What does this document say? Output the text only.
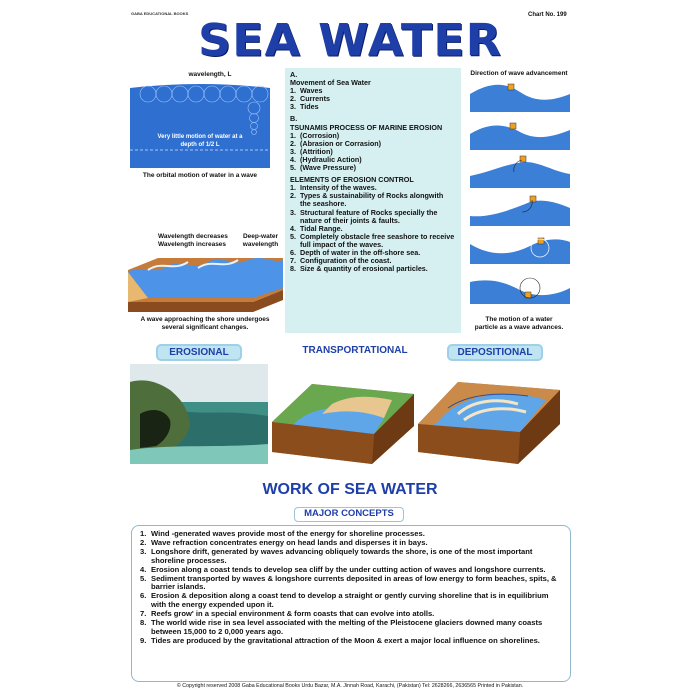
GABA EDUCATIONAL BOOKS	Chart No. 199
SEA WATER
wavelength, L
Very little motion of water at a
depth of 1/2 L
The orbital motion of water in a wave
Wavelength decreases
Wavelength increases
Deep-water
wavelength
A wave approaching the shore undergoes
several significant changes.
A.
Movement of Sea Water
1. Waves
2. Currents
3. Tides
B.
TSUNAMIS PROCESS OF MARINE EROSION
1. (Corrosion)
2. (Abrasion or Corrasion)
3. (Attrition)
4. (Hydraulic Action)
5. (Wave Pressure)
ELEMENTS OF EROSION CONTROL
1. Intensity of the waves.
2. Types & sustainability of Rocks alongwith the seashore.
3. Structural feature of Rocks specially the nature of their joints & faults.
4. Tidal Range.
5. Completely obstacle free seashore to receive full impact of the waves.
6. Depth of water in the off-shore sea.
7. Configuration of the coast.
8. Size & quantity of erosional particles.
Direction of wave advancement
The motion of a water
particle as a wave advances.
EROSIONAL	TRANSPORTATIONAL	DEPOSITIONAL
WORK OF SEA WATER
MAJOR CONCEPTS
1. Wind -generated waves provide most of the energy for shoreline processes.
2. Wave refraction concentrates energy on head lands and disperses it in bays.
3. Longshore drift, generated by waves advancing obliquely towards the shore, is one of the most important shoreline processes.
4. Erosion along a coast tends to develop sea cliff by the under cutting action of waves and longshore currents.
5. Sediment transported by waves & longshore currents deposited in areas of low energy to form beaches, spits, & barrier islands.
6. Erosion & deposition along a coast tend to develop a straight or gently curving shoreline that is in equilibrium with the energy expended upon it.
7. Reefs grow' in a special environment & form coasts that can evolve into atolls.
8. The world wide rise in sea level associated with the melting of the Pleistocene glaciers downed many coasts between 15,000 to 2 0,000 years ago.
9. Tides are produced by the gravitational attraction of the Moon & exert a major local influence on shorelines.
© Copyright reserved 2008 Gaba Educational Books Urdu Bazar, M.A. Jinnah Road, Karachi, (Pakistan) Tel: 2628266, 2636565 Printed in Pakistan.
